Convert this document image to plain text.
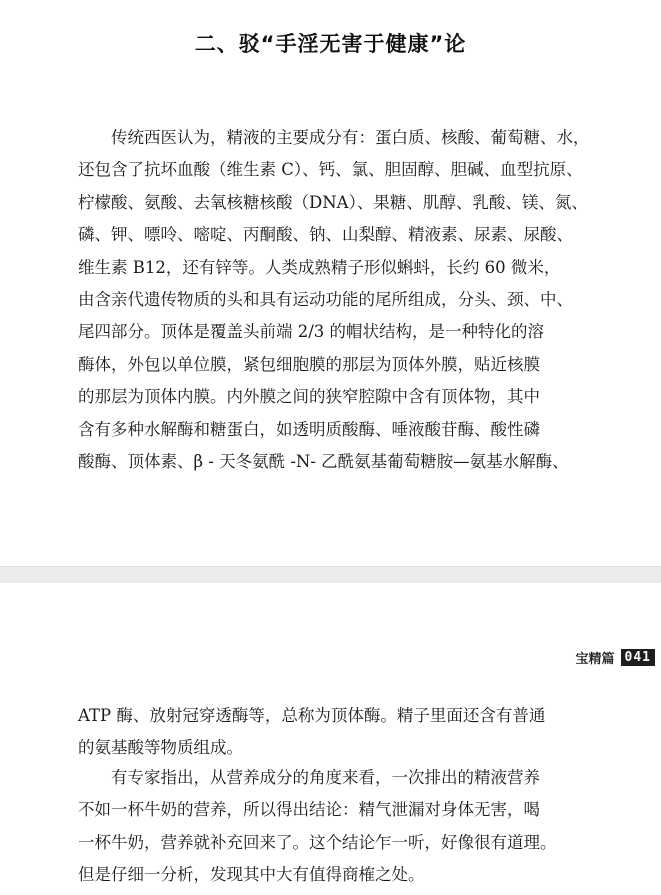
二、驳“手淫无害于健康”论
　　传统西医认为，精液的主要成分有：蛋白质、核酸、葡萄糖、水，
还包含了抗坏血酸（维生素 C）、钙、氯、胆固醇、胆碱、血型抗原、
柠檬酸、氨酸、去氧核糖核酸（DNA）、果糖、肌醇、乳酸、镁、氮、
磷、钾、嘌呤、嘧啶、丙酮酸、钠、山梨醇、精液素、尿素、尿酸、
维生素 B12，还有锌等。人类成熟精子形似蝌蚪，长约 60 微米，
由含亲代遗传物质的头和具有运动功能的尾所组成，分头、颈、中、
尾四部分。顶体是覆盖头前端 2/3 的帽状结构，是一种特化的溶
酶体，外包以单位膜，紧包细胞膜的那层为顶体外膜，贴近核膜
的那层为顶体内膜。内外膜之间的狭窄腔隙中含有顶体物，其中
含有多种水解酶和糖蛋白，如透明质酸酶、唾液酸苷酶、酸性磷
酸酶、顶体素、β - 天冬氨酰 -N- 乙酰氨基葡萄糖胺—氨基水解酶、
宝精篇 041
ATP 酶、放射冠穿透酶等，总称为顶体酶。精子里面还含有普通
的氨基酸等物质组成。
　　有专家指出，从营养成分的角度来看，一次排出的精液营养
不如一杯牛奶的营养，所以得出结论：精气泄漏对身体无害，喝
一杯牛奶，营养就补充回来了。这个结论乍一听，好像很有道理。
但是仔细一分析，发现其中大有值得商榷之处。
